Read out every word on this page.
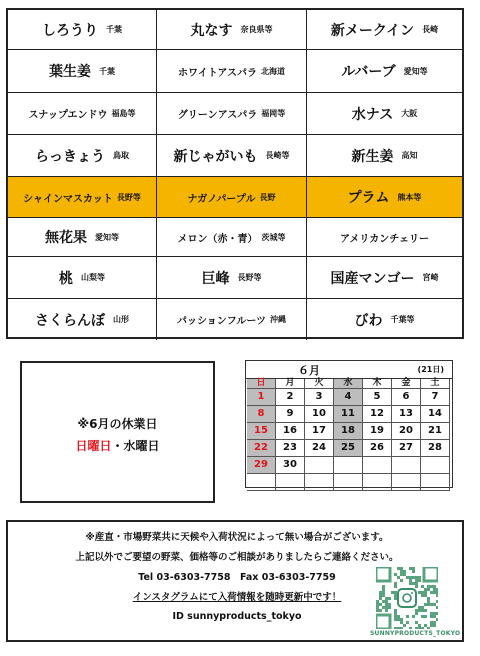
しろうり 千葉	丸なす 奈良県等	新メークイン 長崎
葉生姜 千葉	ホワイトアスパラ 北海道	ルバーブ 愛知等
スナップエンドウ 福島等	グリーンアスパラ 福岡等	水ナス 大阪
らっきょう 鳥取	新じゃがいも 長崎等	新生姜 高知
シャインマスカット 長野等	ナガノパープル 長野	プラム 熊本等
無花果 愛知等	メロン（赤・青） 茨城等	アメリカンチェリー
桃 山梨等	巨峰 長野等	国産マンゴー 宮崎
さくらんぼ 山形	パッションフルーツ 沖縄	びわ 千葉等
※6月の休業日
日曜日・水曜日
６月	(21日)
日	月	火	水	木	金	土
1	2	3	4	5	6	7
8	9	10	11	12	13	14
15	16	17	18	19	20	21
22	23	24	25	26	27	28
29	30
※産直・市場野菜共に天候や入荷状況によって無い場合がございます。
上記以外でご要望の野菜、価格等のご相談がありましたらご連絡ください。
Tel 03-6303-7758　Fax 03-6303-7759
インスタグラムにて入荷情報を随時更新中です！
ID sunnyproducts_tokyo
SUNNYPRODUCTS_TOKYO
